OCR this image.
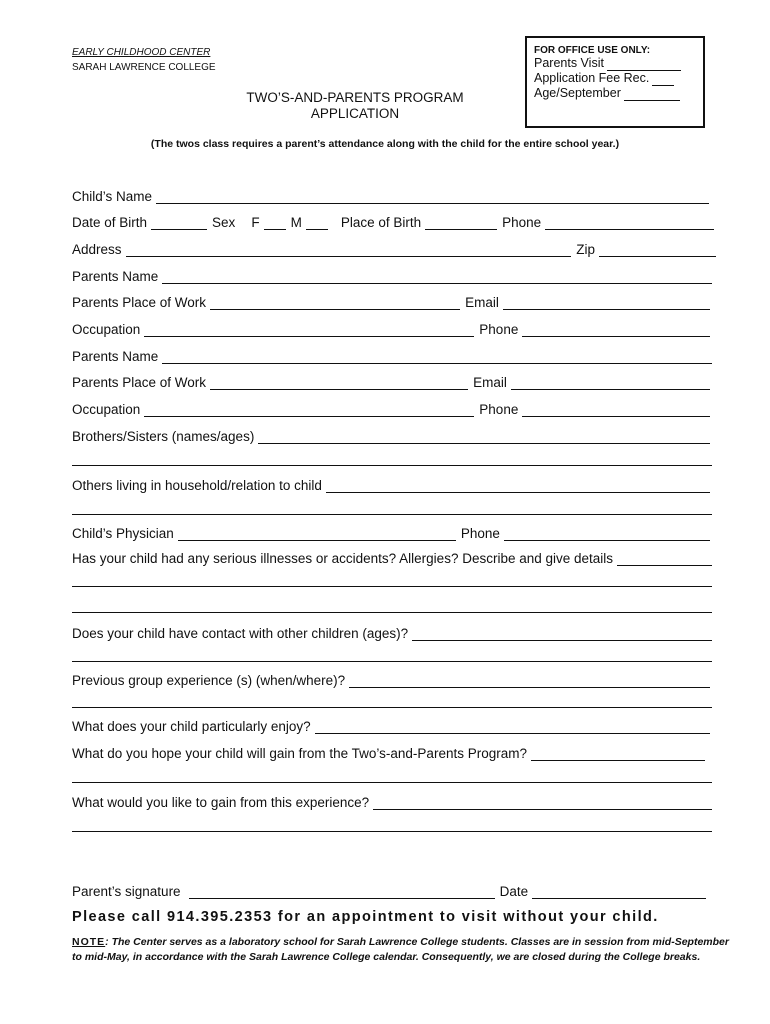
EARLY CHILDHOOD CENTER
SARAH LAWRENCE COLLEGE
FOR OFFICE USE ONLY:
Parents Visit
Application Fee Rec.
Age/September
TWO’S-AND-PARENTS PROGRAM
APPLICATION
(The twos class requires a parent’s attendance along with the child for the entire school year.)
Child’s Name
Date of Birth	Sex F M	Place of Birth	Phone
Address	Zip
Parents Name
Parents Place of Work	Email
Occupation	Phone
Parents Name
Parents Place of Work	Email
Occupation	Phone
Brothers/Sisters (names/ages)
Others living in household/relation to child
Child’s Physician	Phone
Has your child had any serious illnesses or accidents? Allergies? Describe and give details
Does your child have contact with other children (ages)?
Previous group experience (s) (when/where)?
What does your child particularly enjoy?
What do you hope your child will gain from the Two’s-and-Parents Program?
What would you like to gain from this experience?
Parent’s signature	Date
Please call 914.395.2353 for an appointment to visit without your child.
NOTE: The Center serves as a laboratory school for Sarah Lawrence College students. Classes are in session from mid-September to mid-May, in accordance with the Sarah Lawrence College calendar. Consequently, we are closed during the College breaks.
